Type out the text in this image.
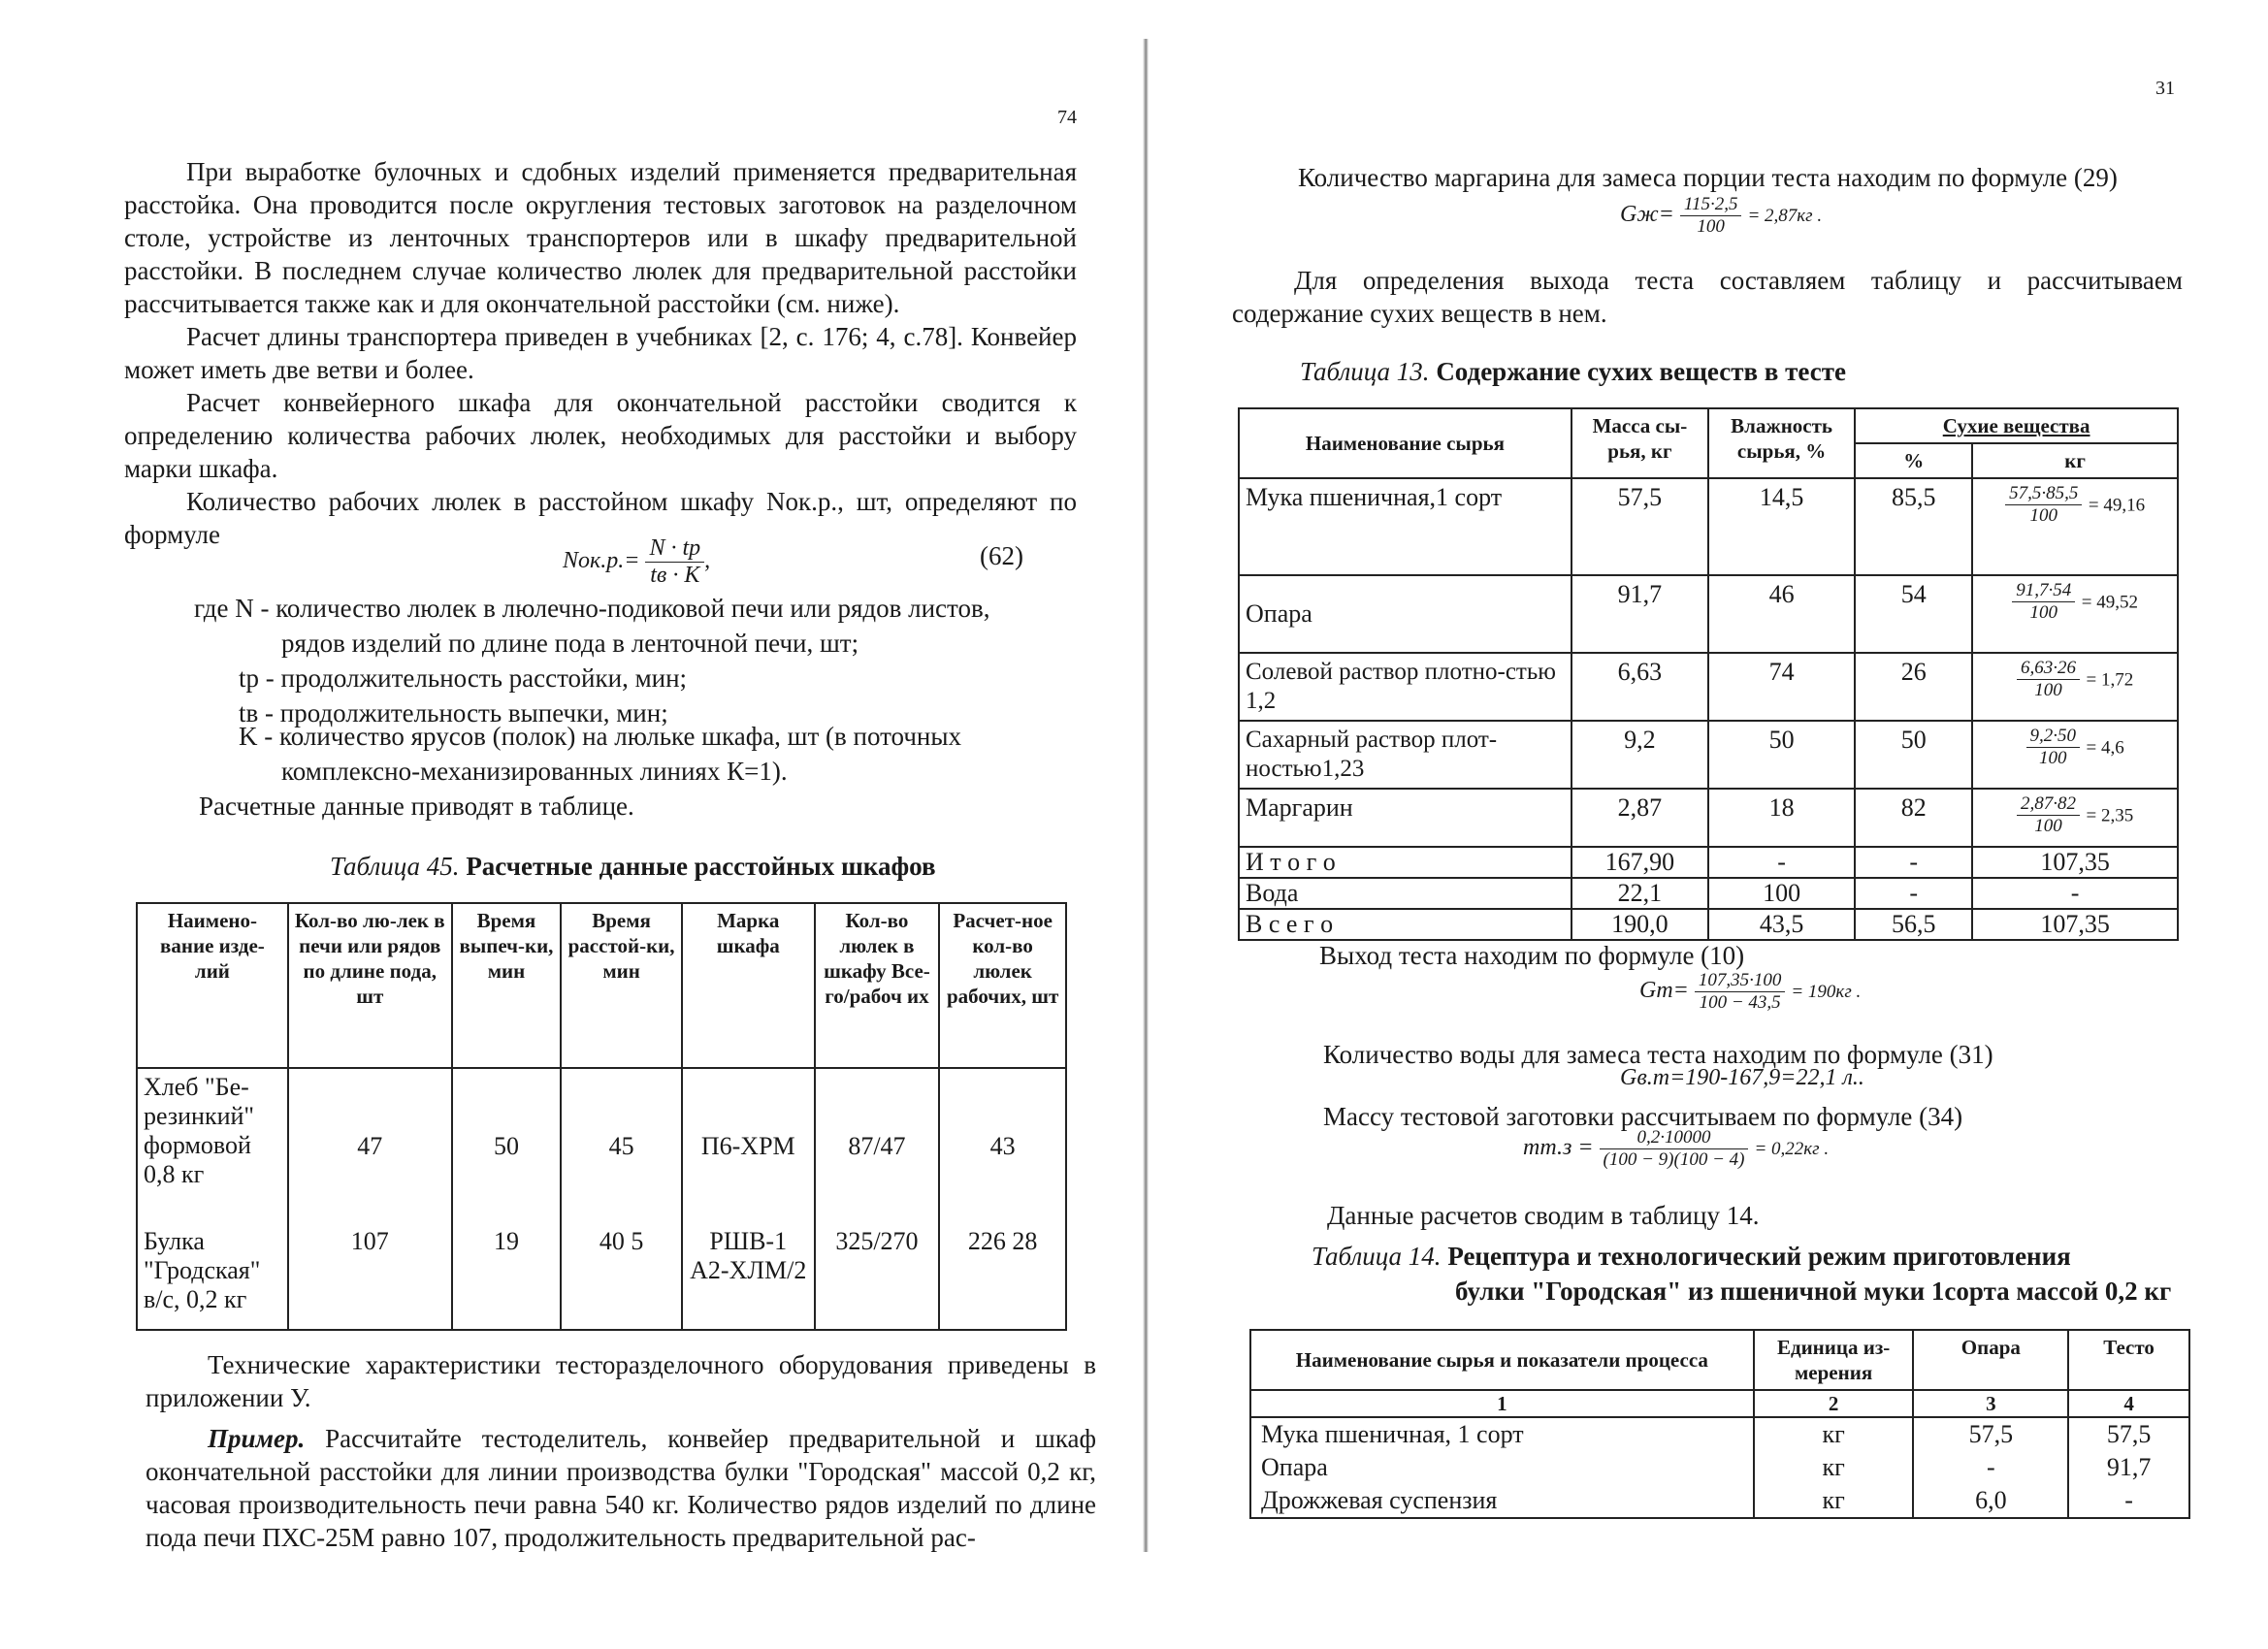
74
При выработке булочных и сдобных изделий применяется предварительная расстойка. Она проводится после округления тестовых заготовок на разделочном столе, устройстве из ленточных транспортеров или в шкафу предварительной расстойки. В последнем случае количество люлек для предварительной расстойки рассчитывается также как и для окончательной расстойки (см. ниже).
Расчет длины транспортера приведен в учебниках [2, с. 176; 4, с.78]. Конвейер может иметь две ветви и более.
Расчет конвейерного шкафа для окончательной расстойки сводится к определению количества рабочих люлек, необходимых для расстойки и выбору марки шкафа.
Количество рабочих люлек в расстойном шкафу Nок.р., шт, определяют по формуле
$Nок.р.= \frac{N \cdot tр}{tв \cdot K}$ ,	(62)
где N - количество люлек в люлечно-подиковой печи или рядов листов,
рядов изделий по длине пода в ленточной печи, шт;
tр - продолжительность расстойки, мин;
tв - продолжительность выпечки, мин;
K - количество ярусов (полок) на люльке шкафа, шт (в поточных
комплексно-механизированных линиях К=1).
Расчетные данные приводят в таблице.
Таблица 45. Расчетные данные расстойных шкафов
Наимено-вание изде-лий	Кол-во лю-лек в печи или рядов по длине пода, шт	Время выпеч-ки, мин	Время расстой-ки, мин	Марка шкафа	Кол-во люлек в шкафу Все-го/рабоч их	Расчет-ное кол-во люлек рабочих, шт
Хлеб "Бе-резинкий" формовой 0,8 кг	47	50	45	П6-ХРМ	87/47	43
Булка "Гродская" в/с, 0,2 кг	107	19	40 5	РШВ-1 А2-ХЛМ/2	325/270	226 28
Технические характеристики тесторазделочного оборудования приведены в приложении У.
Пример. Рассчитайте тестоделитель, конвейер предварительной и шкаф окончательной расстойки для линии производства булки "Городская" массой 0,2 кг, часовая производительность печи равна 540 кг. Количество рядов изделий по длине пода печи ПХС-25М равно 107, продолжительность предварительной рас-
31
Количество маргарина для замеса порции теста находим по формуле (29)
$Gж= \frac{115\cdot 2,5}{100} = 2,87кг$ .
Для определения выхода теста составляем таблицу и рассчитываем содержание сухих веществ в нем.
Таблица 13. Содержание сухих веществ в тесте
Наименование сырья	Масса сы-рья, кг	Влажность сырья, %	Сухие вещества	
			%	кг
Мука пшеничная,1 сорт	57,5	14,5	85,5	$\frac{57,5\cdot 85,5}{100} = 49,16$
Опара	91,7	46	54	$\frac{91,7\cdot 54}{100} = 49,52$
Солевой раствор плотно-стью 1,2	6,63	74	26	$\frac{6,63\cdot 26}{100} = 1,72$
Сахарный раствор плот-ностью1,23	9,2	50	50	$\frac{9,2\cdot 50}{100} = 4,6$
Маргарин	2,87	18	82	$\frac{2,87\cdot 82}{100} = 2,35$
И т о г о	167,90	-	-	107,35
Вода	22,1	100	-	-
В с е г о	190,0	43,5	56,5	107,35
Выход теста находим по формуле (10)
$Gт= \frac{107,35\cdot 100}{100 - 43,5} = 190кг$ .
Количество воды для замеса теста находим по формуле (31)
Gв.т=190-167,9=22,1 л..
Массу тестовой заготовки рассчитываем по формуле (34)
$mт.з = \frac{0,2\cdot 10000}{(100 - 9)(100 - 4)} = 0,22кг$ .
Данные расчетов сводим в таблицу 14.
Таблица 14. Рецептура и технологический режим приготовления
булки "Городская" из пшеничной муки 1сорта массой 0,2 кг
Наименование сырья и показатели процесса	Единица из-мерения	Опара	Тесто
1	2	3	4
Мука пшеничная, 1 сорт	кг	57,5	57,5
Опара	кг	-	91,7
Дрожжевая суспензия	кг	6,0	-
